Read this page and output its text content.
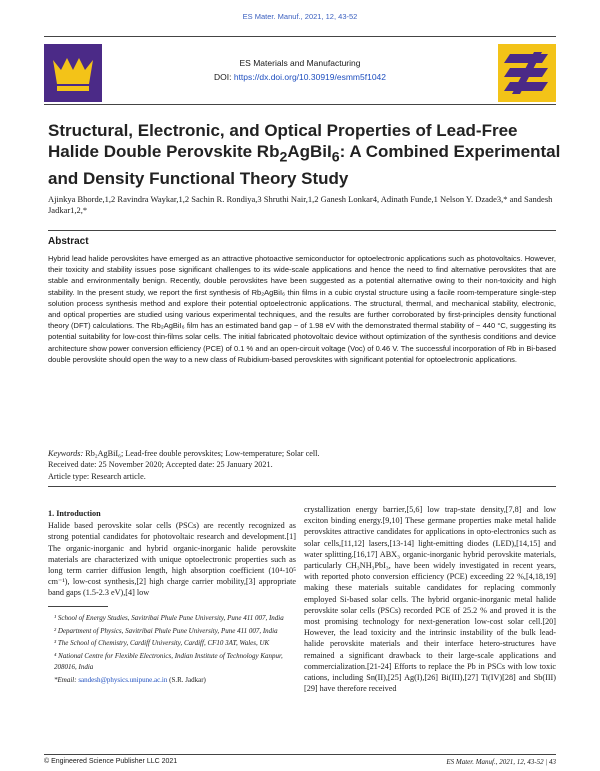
ES Mater. Manuf., 2021, 12, 43-52
ES Materials and Manufacturing
DOI: https://dx.doi.org/10.30919/esmm5f1042
Structural, Electronic, and Optical Properties of Lead-Free Halide Double Perovskite $Rb_2AgBiI_6$: A Combined Experimental and Density Functional Theory Study
Ajinkya Bhorde,1,2 Ravindra Waykar,1,2 Sachin R. Rondiya,3 Shruthi Nair,1,2 Ganesh Lonkar4, Adinath Funde,1 Nelson Y. Dzade3,* and Sandesh Jadkar1,2,*
Abstract
Hybrid lead halide perovskites have emerged as an attractive photoactive semiconductor for optoelectronic applications such as photovoltaics. However, their toxicity and stability issues pose significant challenges to its wide-scale applications and hence the need to find alternative perovskites that are stable and environmentally benign. Recently, double perovskites have been suggested as a potential alternative owing to their non-toxicity and high stability. In the present study, we report the first synthesis of Rb₂AgBiI₆ thin films in a cubic crystal structure using a facile room-temperature single-step solution process synthesis method and explore their potential optoelectronic applications. The structural, thermal, and mechanical stability, electronic, and optical properties are studied using various experimental techniques, and the results are further corroborated by first-principles density functional theory (DFT) calculations. The Rb₂AgBiI₆ film has an estimated band gap ~ of 1.98 eV with the demonstrated thermal stability of ~ 440 °C, suggesting its potential suitability for low-cost thin-films solar cells. The initial fabricated photovoltaic device without optimization of the synthesis conditions and device architecture show power conversion efficiency (PCE) of 0.1 % and an open-circuit voltage (Voc) of 0.46 V. The successful incorporation of Rb in Bi-based double perovskite should open the way to a new class of Rubidium-based perovskites with significant potential for optoelectronic applications.
Keywords: Rb₂AgBiI₆; Lead-free double perovskites; Low-temperature; Solar cell.
Received date: 25 November 2020; Accepted date: 25 January 2021.
Article type: Research article.
1. Introduction
Halide based perovskite solar cells (PSCs) are recently recognized as strong potential candidates for photovoltaic research and development.[1] The organic-inorganic and hybrid organic-inorganic halide perovskite materials are characterized with unique optoelectronic properties such as long term carrier diffusion length, high absorption coefficient (10⁴-10⁵ cm⁻¹), low-cost synthesis,[2] high charge carrier mobility,[3] appropriate band gaps (1.5-2.3 eV),[4] low
¹ School of Energy Studies, Savitribai Phule Pune University, Pune 411 007, India
² Department of Physics, Savitribai Phule Pune University, Pune 411 007, India
³ The School of Chemistry, Cardiff University, Cardiff, CF10 3AT, Wales, UK
⁴ National Centre for Flexible Electronics, Indian Institute of Technology Kanpur, 208016, India
*Email: sandesh@physics.unipune.ac.in (S.R. Jadkar)
crystallization energy barrier,[5,6] low trap-state density,[7,8] and low exciton binding energy.[9,10] These germane properties make metal halide perovskites attractive candidates for applications in opto-electronics such as solar cells,[11,12] lasers,[13-14] light-emitting diodes (LED),[14,15] and water splitting.[16,17] ABX₃ organic-inorganic hybrid perovskite materials, particularly CH₃NH₃PbI₃, have been widely investigated in recent years, with reported photo conversion efficiency (PCE) exceeding 22 %,[4,18,19] making these materials suitable candidates for replacing commonly employed Si-based solar cells. The hybrid organic-inorganic metal halide perovskite solar cells (PSCs) recorded PCE of 25.2 % and proved it is the most promising technology for next-generation low-cost solar cell.[20] However, the lead toxicity and the intrinsic instability of the bulk lead-halide perovskite materials and their interface hetero-structures have remained a significant drawback to their large-scale applications and commercialization.[21-24] Efforts to replace the Pb in PSCs with low toxic cations, including Sn(II),[25] Ag(I),[26] Bi(III),[27] Ti(IV)[28] and Sb(III)[29] have therefore received
© Engineered Science Publisher LLC 2021	ES Mater. Manuf., 2021, 12, 43-52 | 43
